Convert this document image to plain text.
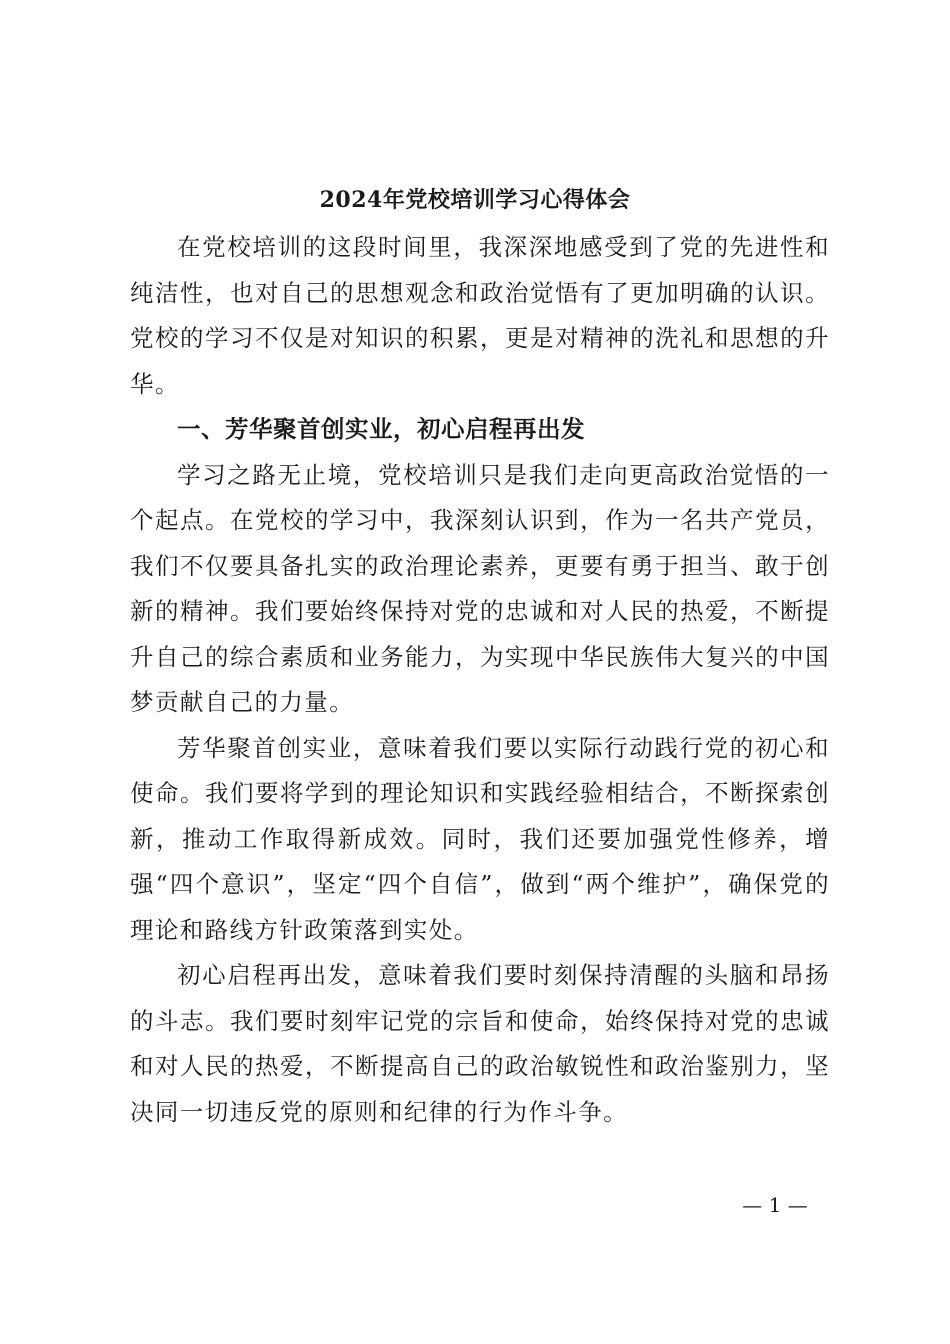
2024年党校培训学习心得体会

在党校培训的这段时间里，我深深地感受到了党的先进性和纯洁性，也对自己的思想观念和政治觉悟有了更加明确的认识。党校的学习不仅是对知识的积累，更是对精神的洗礼和思想的升华。

一、芳华聚首创实业，初心启程再出发

学习之路无止境，党校培训只是我们走向更高政治觉悟的一个起点。在党校的学习中，我深刻认识到，作为一名共产党员，我们不仅要具备扎实的政治理论素养，更要有勇于担当、敢于创新的精神。我们要始终保持对党的忠诚和对人民的热爱，不断提升自己的综合素质和业务能力，为实现中华民族伟大复兴的中国梦贡献自己的力量。

芳华聚首创实业，意味着我们要以实际行动践行党的初心和使命。我们要将学到的理论知识和实践经验相结合，不断探索创新，推动工作取得新成效。同时，我们还要加强党性修养，增强“四个意识”，坚定“四个自信”，做到“两个维护”，确保党的理论和路线方针政策落到实处。

初心启程再出发，意味着我们要时刻保持清醒的头脑和昂扬的斗志。我们要时刻牢记党的宗旨和使命，始终保持对党的忠诚和对人民的热爱，不断提高自己的政治敏锐性和政治鉴别力，坚决同一切违反党的原则和纪律的行为作斗争。

— 1 —
